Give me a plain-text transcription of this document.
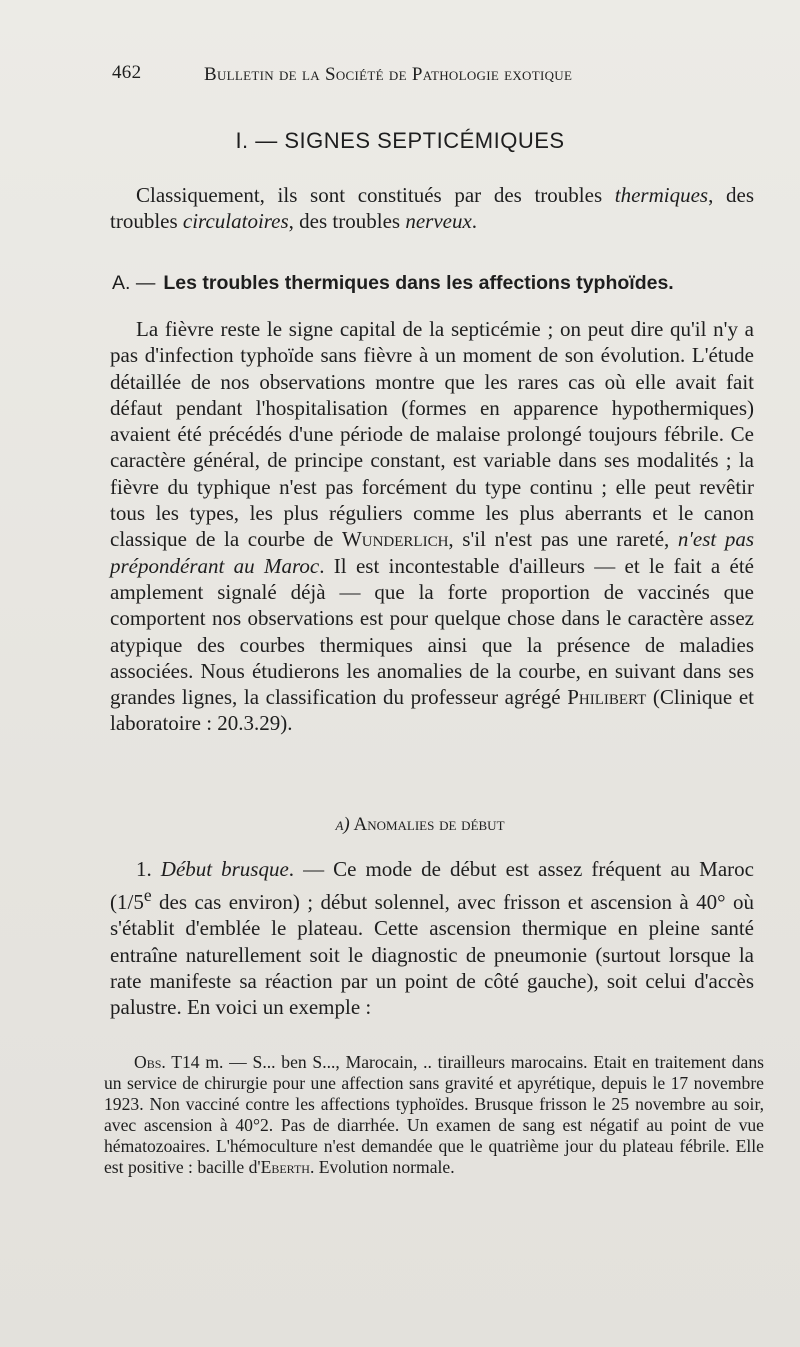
462	Bulletin de la Société de Pathologie exotique
I. — SIGNES SEPTICÉMIQUES
Classiquement, ils sont constitués par des troubles thermiques, des troubles circulatoires, des troubles nerveux.
A. — Les troubles thermiques dans les affections typhoïdes.
La fièvre reste le signe capital de la septicémie ; on peut dire qu'il n'y a pas d'infection typhoïde sans fièvre à un moment de son évolution. L'étude détaillée de nos observations montre que les rares cas où elle avait fait défaut pendant l'hospitalisation (formes en apparence hypothermiques) avaient été précédés d'une période de malaise prolongé toujours fébrile. Ce caractère général, de principe constant, est variable dans ses modalités ; la fièvre du typhique n'est pas forcément du type continu ; elle peut revêtir tous les types, les plus réguliers comme les plus aberrants et le canon classique de la courbe de Wunderlich, s'il n'est pas une rareté, n'est pas prépondérant au Maroc. Il est incontestable d'ailleurs — et le fait a été amplement signalé déjà — que la forte proportion de vaccinés que comportent nos observations est pour quelque chose dans le caractère assez atypique des courbes thermiques ainsi que la présence de maladies associées. Nous étudierons les anomalies de la courbe, en suivant dans ses grandes lignes, la classification du professeur agrégé Philibert (Clinique et laboratoire : 20.3.29).
a) Anomalies de début
1. Début brusque. — Ce mode de début est assez fréquent au Maroc (1/5e des cas environ) ; début solennel, avec frisson et ascension à 40° où s'établit d'emblée le plateau. Cette ascension thermique en pleine santé entraîne naturellement soit le diagnostic de pneumonie (surtout lorsque la rate manifeste sa réaction par un point de côté gauche), soit celui d'accès palustre. En voici un exemple :
Obs. T14 m. — S... ben S..., Marocain, .. tirailleurs marocains. Etait en traitement dans un service de chirurgie pour une affection sans gravité et apyrétique, depuis le 17 novembre 1923. Non vacciné contre les affections typhoïdes. Brusque frisson le 25 novembre au soir, avec ascension à 40°2. Pas de diarrhée. Un examen de sang est négatif au point de vue hématozoaires. L'hémoculture n'est demandée que le quatrième jour du plateau fébrile. Elle est positive : bacille d'Eberth. Evolution normale.
